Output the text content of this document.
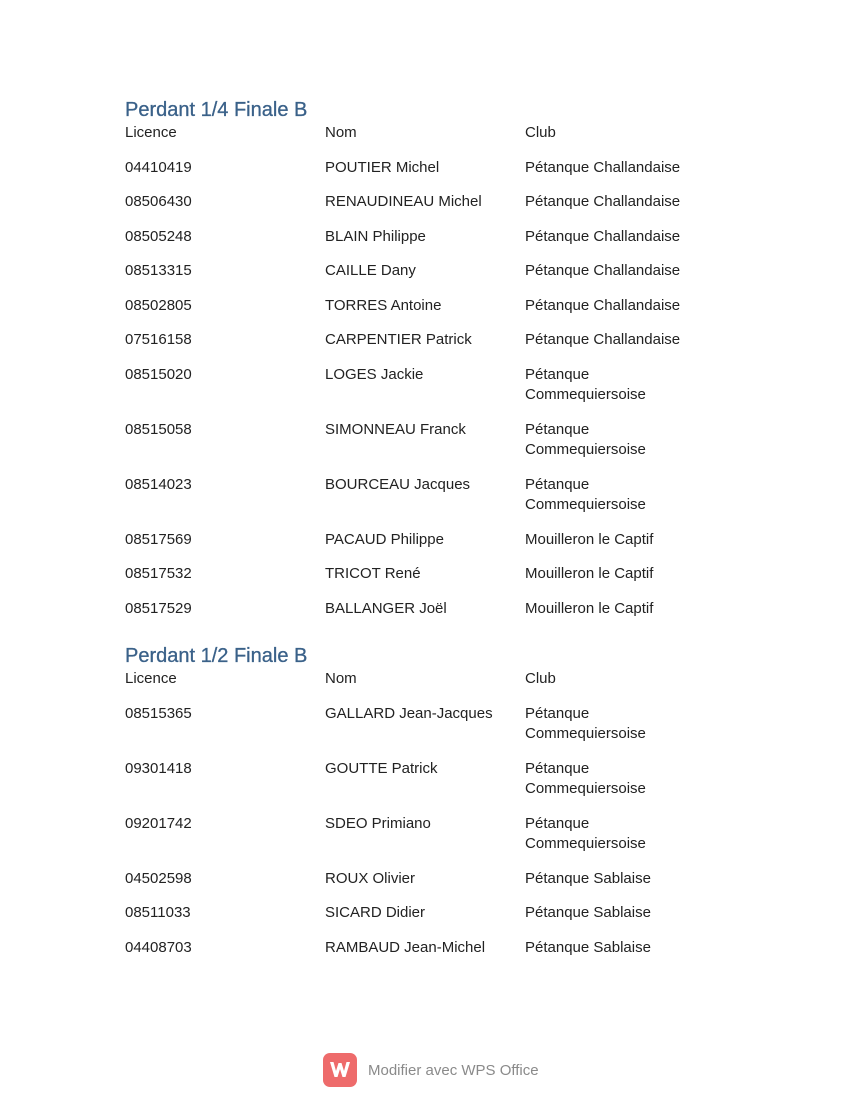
Perdant 1/4 Finale B
Licence	Nom	Club
04410419	POUTIER Michel	Pétanque Challandaise
08506430	RENAUDINEAU Michel	Pétanque Challandaise
08505248	BLAIN Philippe	Pétanque Challandaise
08513315	CAILLE Dany	Pétanque Challandaise
08502805	TORRES Antoine	Pétanque Challandaise
07516158	CARPENTIER Patrick	Pétanque Challandaise
08515020	LOGES Jackie	Pétanque
Commequiersoise
08515058	SIMONNEAU Franck	Pétanque
Commequiersoise
08514023	BOURCEAU Jacques	Pétanque
Commequiersoise
08517569	PACAUD Philippe	Mouilleron le Captif
08517532	TRICOT René	Mouilleron le Captif
08517529	BALLANGER Joël	Mouilleron le Captif
Perdant 1/2 Finale B
Licence	Nom	Club
08515365	GALLARD Jean-Jacques	Pétanque
Commequiersoise
09301418	GOUTTE Patrick	Pétanque
Commequiersoise
09201742	SDEO Primiano	Pétanque
Commequiersoise
04502598	ROUX Olivier	Pétanque Sablaise
08511033	SICARD Didier	Pétanque Sablaise
04408703	RAMBAUD Jean-Michel	Pétanque Sablaise
Modifier avec WPS Office
